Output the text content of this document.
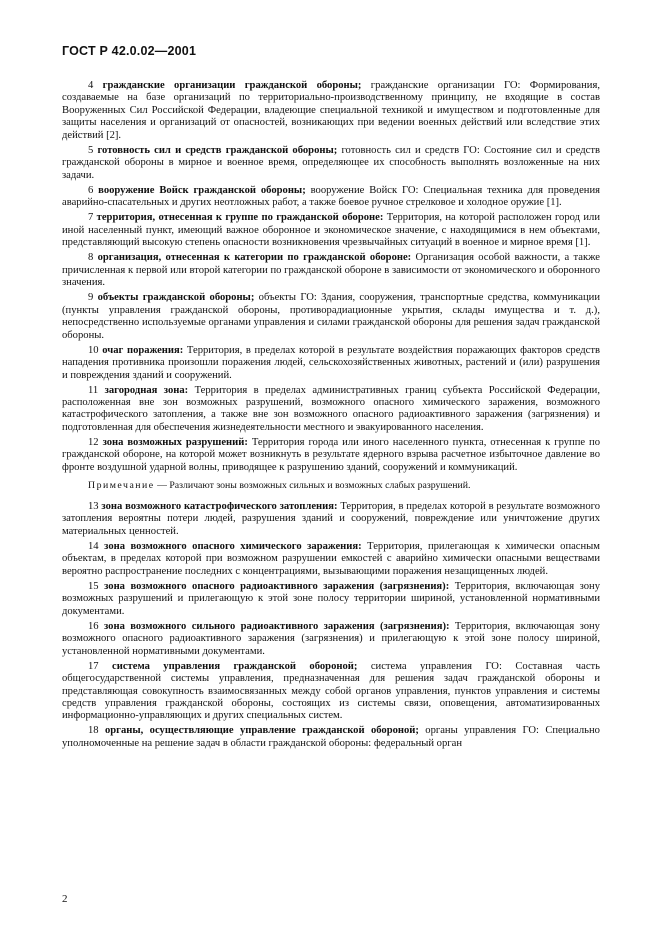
ГОСТ Р 42.0.02—2001

4 гражданские организации гражданской обороны; гражданские организации ГО: Формирования, создаваемые на базе организаций по территориально-производственному принципу, не входящие в состав Вооруженных Сил Российской Федерации, владеющие специальной техникой и имуществом и подготовленные для защиты населения и организаций от опасностей, возникающих при ведении военных действий или вследствие этих действий [2].

5 готовность сил и средств гражданской обороны; готовность сил и средств ГО: Состояние сил и средств гражданской обороны в мирное и военное время, определяющее их способность выполнять возложенные на них задачи.

6 вооружение Войск гражданской обороны; вооружение Войск ГО: Специальная техника для проведения аварийно-спасательных и других неотложных работ, а также боевое ручное стрелковое и холодное оружие [1].

7 территория, отнесенная к группе по гражданской обороне: Территория, на которой расположен город или иной населенный пункт, имеющий важное оборонное и экономическое значение, с находящимися в нем объектами, представляющий высокую степень опасности возникновения чрезвычайных ситуаций в военное и мирное время [1].

8 организация, отнесенная к категории по гражданской обороне: Организация особой важности, а также причисленная к первой или второй категории по гражданской обороне в зависимости от экономического и оборонного значения.

9 объекты гражданской обороны; объекты ГО: Здания, сооружения, транспортные средства, коммуникации (пункты управления гражданской обороны, противорадиационные укрытия, склады имущества и т. д.), непосредственно используемые органами управления и силами гражданской обороны для решения задач гражданской обороны.

10 очаг поражения: Территория, в пределах которой в результате воздействия поражающих факторов средств нападения противника произошли поражения людей, сельскохозяйственных животных, растений и (или) разрушения и повреждения зданий и сооружений.

11 загородная зона: Территория в пределах административных границ субъекта Российской Федерации, расположенная вне зон возможных разрушений, возможного опасного химического заражения, возможного катастрофического затопления, а также вне зон возможного опасного радиоактивного заражения (загрязнения) и подготовленная для обеспечения жизнедеятельности местного и эвакуированного населения.

12 зона возможных разрушений: Территория города или иного населенного пункта, отнесенная к группе по гражданской обороне, на которой может возникнуть в результате ядерного взрыва расчетное избыточное давление во фронте воздушной ударной волны, приводящее к разрушению зданий, сооружений и коммуникаций.

Примечание — Различают зоны возможных сильных и возможных слабых разрушений.

13 зона возможного катастрофического затопления: Территория, в пределах которой в результате возможного затопления вероятны потери людей, разрушения зданий и сооружений, повреждение или уничтожение других материальных ценностей.

14 зона возможного опасного химического заражения: Территория, прилегающая к химически опасным объектам, в пределах которой при возможном разрушении емкостей с аварийно химически опасными веществами вероятно распространение последних с концентрациями, вызывающими поражения незащищенных людей.

15 зона возможного опасного радиоактивного заражения (загрязнения): Территория, включающая зону возможных разрушений и прилегающую к этой зоне полосу территории шириной, установленной нормативными документами.

16 зона возможного сильного радиоактивного заражения (загрязнения): Территория, включающая зону возможного опасного радиоактивного заражения (загрязнения) и прилегающую к этой зоне полосу шириной, установленной нормативными документами.

17 система управления гражданской обороной; система управления ГО: Составная часть общегосударственной системы управления, предназначенная для решения задач гражданской обороны и представляющая совокупность взаимосвязанных между собой органов управления, пунктов управления и системы средств управления гражданской обороны, состоящих из системы связи, оповещения, автоматизированных информационно-управляющих и других специальных систем.

18 органы, осуществляющие управление гражданской обороной; органы управления ГО: Специально уполномоченные на решение задач в области гражданской обороны: федеральный орган

2
